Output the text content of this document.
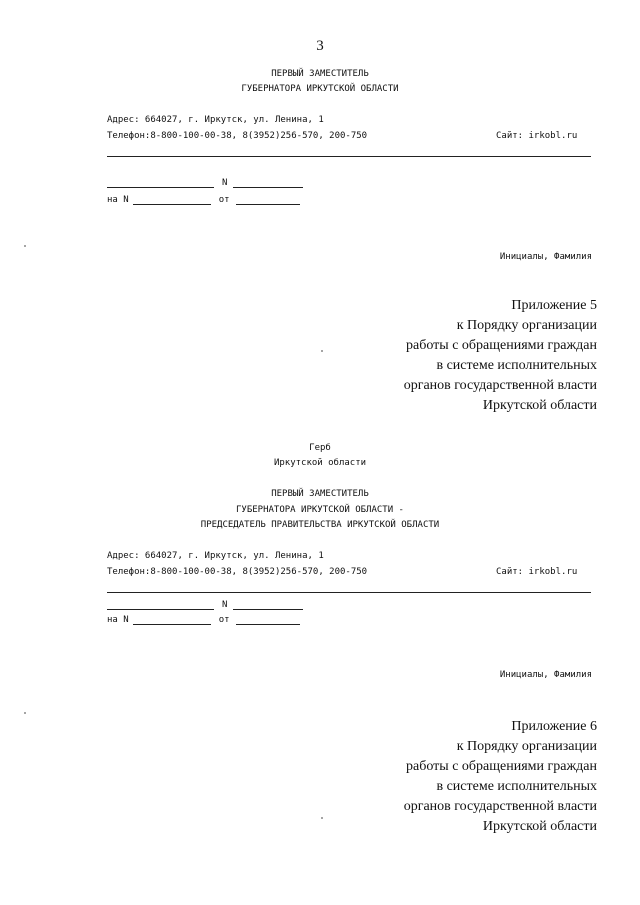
3
ПЕРВЫЙ ЗАМЕСТИТЕЛЬ
ГУБЕРНАТОРА ИРКУТСКОЙ ОБЛАСТИ
Адрес: 664027, г. Иркутск, ул. Ленина, 1
Телефон:8-800-100-00-38, 8(3952)256-570, 200-750	Сайт: irkobl.ru
N
на N	от
Инициалы, Фамилия
Приложение 5
к Порядку организации
работы с обращениями граждан
в системе исполнительных
органов государственной власти
Иркутской области
Герб
Иркутской области
ПЕРВЫЙ ЗАМЕСТИТЕЛЬ
ГУБЕРНАТОРА ИРКУТСКОЙ ОБЛАСТИ -
ПРЕДСЕДАТЕЛЬ ПРАВИТЕЛЬСТВА ИРКУТСКОЙ ОБЛАСТИ
Адрес: 664027, г. Иркутск, ул. Ленина, 1
Телефон:8-800-100-00-38, 8(3952)256-570, 200-750	Сайт: irkobl.ru
N
на N	от
Инициалы, Фамилия
Приложение 6
к Порядку организации
работы с обращениями граждан
в системе исполнительных
органов государственной власти
Иркутской области
